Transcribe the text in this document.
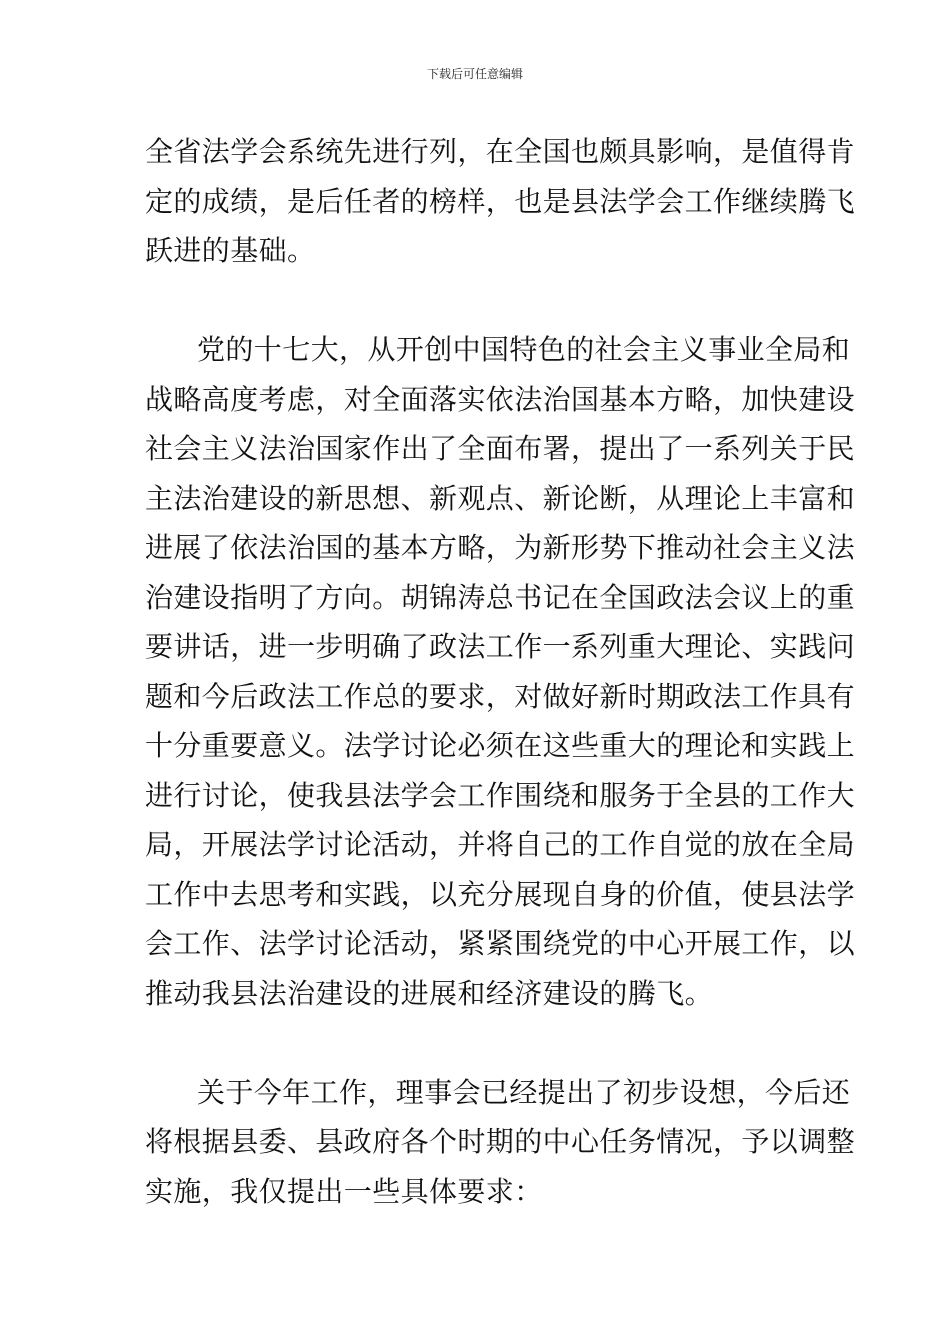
下载后可任意编辑
全省法学会系统先进行列，在全国也颇具影响，是值得肯
定的成绩，是后任者的榜样，也是县法学会工作继续腾飞
跃进的基础。
党的十七大，从开创中国特色的社会主义事业全局和
战略高度考虑，对全面落实依法治国基本方略，加快建设
社会主义法治国家作出了全面布署，提出了一系列关于民
主法治建设的新思想、新观点、新论断，从理论上丰富和
进展了依法治国的基本方略，为新形势下推动社会主义法
治建设指明了方向。胡锦涛总书记在全国政法会议上的重
要讲话，进一步明确了政法工作一系列重大理论、实践问
题和今后政法工作总的要求，对做好新时期政法工作具有
十分重要意义。法学讨论必须在这些重大的理论和实践上
进行讨论，使我县法学会工作围绕和服务于全县的工作大
局，开展法学讨论活动，并将自己的工作自觉的放在全局
工作中去思考和实践，以充分展现自身的价值，使县法学
会工作、法学讨论活动，紧紧围绕党的中心开展工作，以
推动我县法治建设的进展和经济建设的腾飞。
关于今年工作，理事会已经提出了初步设想，今后还
将根据县委、县政府各个时期的中心任务情况，予以调整
实施，我仅提出一些具体要求：
